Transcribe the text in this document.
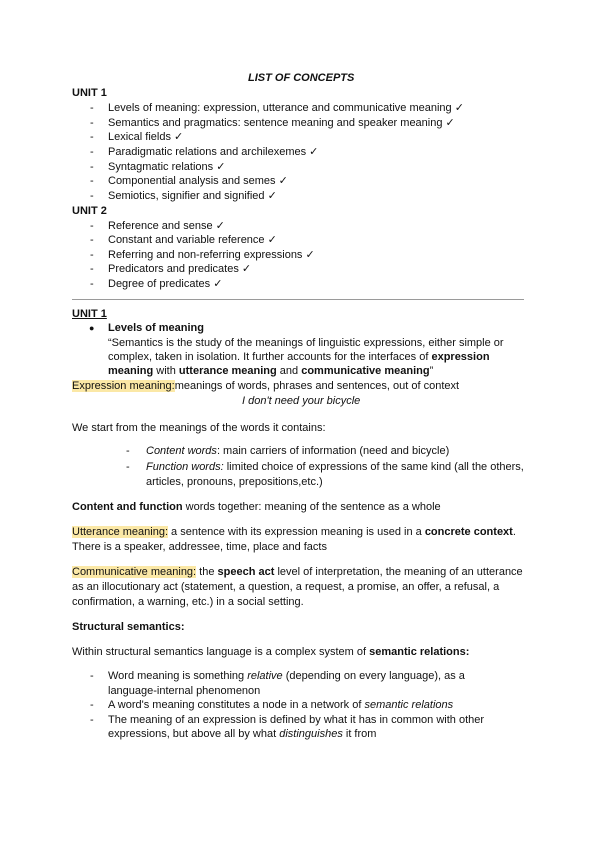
LIST OF CONCEPTS
UNIT 1
- Levels of meaning: expression, utterance and communicative meaning ✓
- Semantics and pragmatics: sentence meaning and speaker meaning ✓
- Lexical fields ✓
- Paradigmatic relations and archilexemes ✓
- Syntagmatic relations ✓
- Componential analysis and semes ✓
- Semiotics, signifier and signified ✓
UNIT 2
- Reference and sense ✓
- Constant and variable reference ✓
- Referring and non-referring expressions ✓
- Predicators and predicates ✓
- Degree of predicates ✓
UNIT 1
● Levels of meaning
“Semantics is the study of the meanings of linguistic expressions, either simple or
complex, taken in isolation. It further accounts for the interfaces of expression
meaning with utterance meaning and communicative meaning”
Expression meaning:meanings of words, phrases and sentences, out of context
I don't need your bicycle
We start from the meanings of the words it contains:
- Content words: main carriers of information (need and bicycle)
- Function words: limited choice of expressions of the same kind (all the others,
articles, pronouns, prepositions,etc.)
Content and function words together: meaning of the sentence as a whole
Utterance meaning: a sentence with its expression meaning is used in a concrete context.
There is a speaker, addressee, time, place and facts
Communicative meaning: the speech act level of interpretation, the meaning of an utterance
as an illocutionary act (statement, a question, a request, a promise, an offer, a refusal, a
confirmation, a warning, etc.) in a social setting.
Structural semantics:
Within structural semantics language is a complex system of semantic relations:
- Word meaning is something relative (depending on every language), as a
language-internal phenomenon
- A word's meaning constitutes a node in a network of semantic relations
- The meaning of an expression is defined by what it has in common with other
expressions, but above all by what distinguishes it from
